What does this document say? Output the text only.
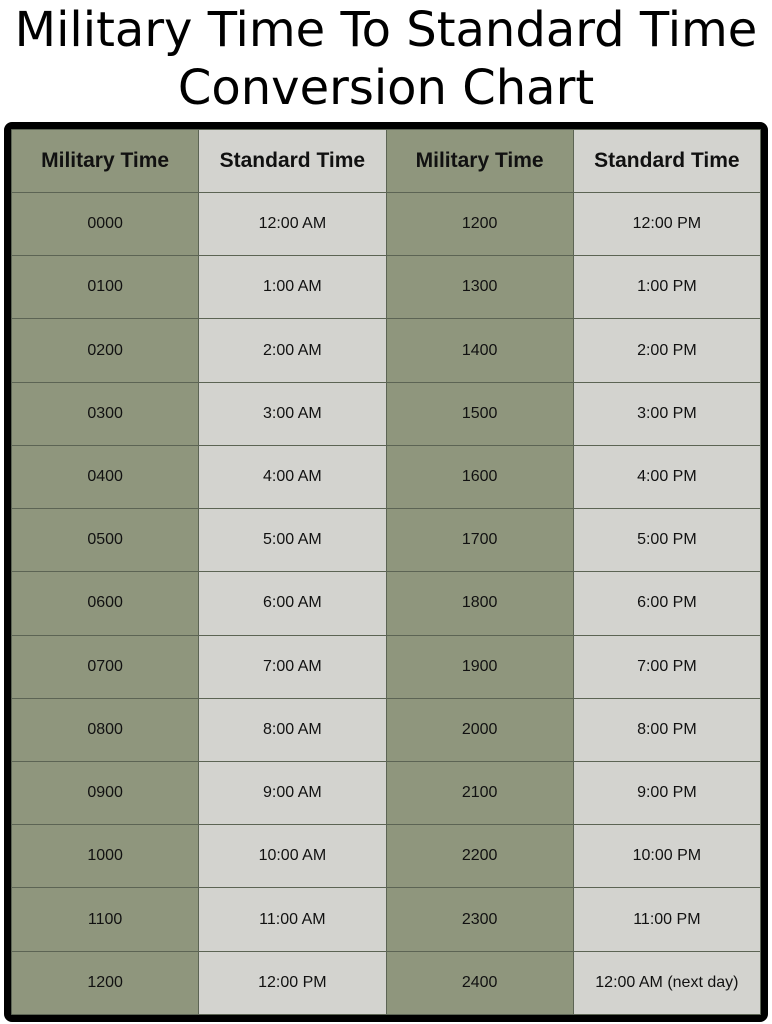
Military Time To Standard Time
Conversion Chart
Military Time	Standard Time	Military Time	Standard Time
0000	12:00 AM	1200	12:00 PM
0100	1:00 AM	1300	1:00 PM
0200	2:00 AM	1400	2:00 PM
0300	3:00 AM	1500	3:00 PM
0400	4:00 AM	1600	4:00 PM
0500	5:00 AM	1700	5:00 PM
0600	6:00 AM	1800	6:00 PM
0700	7:00 AM	1900	7:00 PM
0800	8:00 AM	2000	8:00 PM
0900	9:00 AM	2100	9:00 PM
1000	10:00 AM	2200	10:00 PM
1100	11:00 AM	2300	11:00 PM
1200	12:00 PM	2400	12:00 AM (next day)
